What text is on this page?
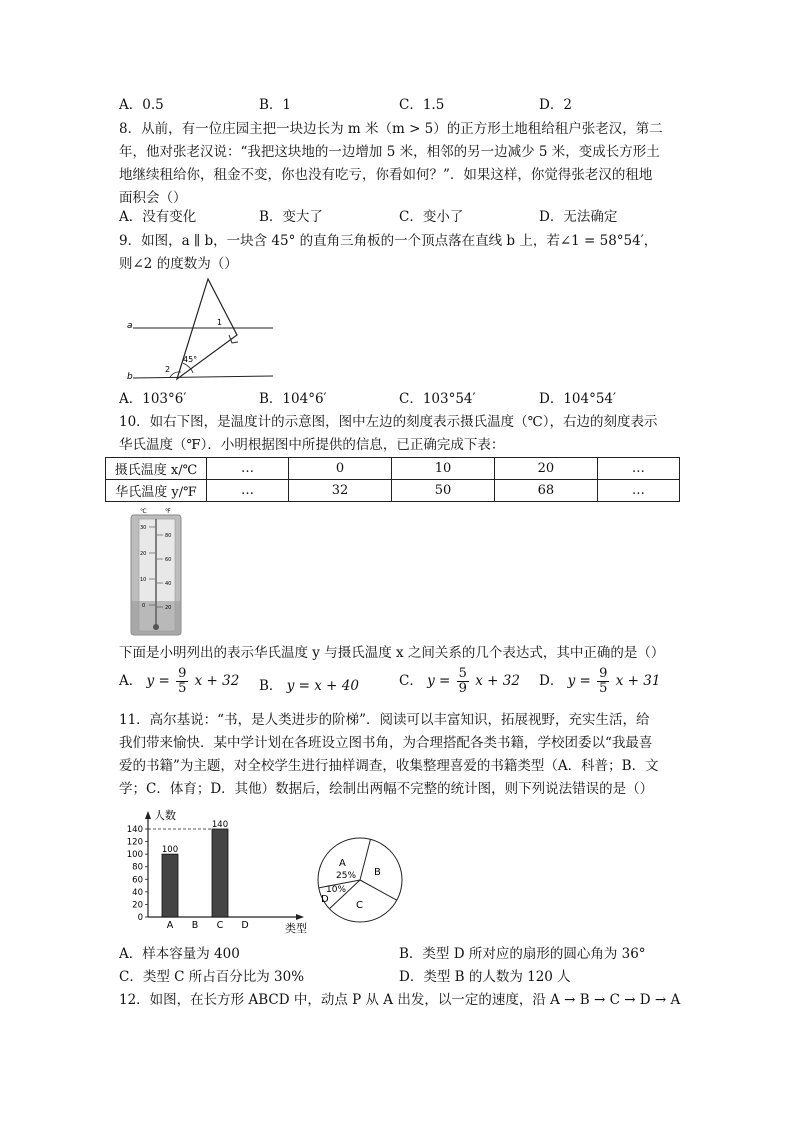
A．0.5	B．1	C．1.5	D．2
8．从前，有一位庄园主把一块边长为 m 米（m > 5）的正方形土地租给租户张老汉，第二
年，他对张老汉说：“我把这块地的一边增加 5 米，相邻的另一边减少 5 米，变成长方形土
地继续租给你，租金不变，你也没有吃亏，你看如何？”．如果这样，你觉得张老汉的租地
面积会（）
A．没有变化	B．变大了	C．变小了	D．无法确定
9．如图，a ∥ b，一块含 45° 的直角三角板的一个顶点落在直线 b 上，若∠1 = 58°54′，
则∠2 的度数为（）
a
b
1
2
45°
A．103°6′	B．104°6′	C．103°54′	D．104°54′
10．如右下图，是温度计的示意图，图中左边的刻度表示摄氏温度（℃），右边的刻度表示
华氏温度（℉）．小明根据图中所提供的信息，已正确完成下表：
摄氏温度 x/℃	…	0	10	20	…
华氏温度 y/℉	…	32	50	68	…
℃	℉
30
20
10
0
80
60
40
20
下面是小明列出的表示华氏温度 y 与摄氏温度 x 之间关系的几个表达式，其中正确的是（）
A． $y = \frac{9}{5}$ x + 32 B． y = x + 40	C． $y = \frac{5}{9}$ x + 32 D． $y = \frac{9}{5}$ x + 31
11．高尔基说：“书，是人类进步的阶梯”．阅读可以丰富知识，拓展视野，充实生活，给
我们带来愉快．某中学计划在各班设立图书角，为合理搭配各类书籍，学校团委以“我最喜
爱的书籍”为主题，对全校学生进行抽样调查，收集整理喜爱的书籍类型（A．科普；B．文
学；C．体育；D．其他）数据后，绘制出两幅不完整的统计图，则下列说法错误的是（）
人数
类型
0
20
40
60
80
100
120
140
A
100
B C
140
D
A
25% B
C
10%
D
A．样本容量为 400	B．类型 D 所对应的扇形的圆心角为 36°
C．类型 C 所占百分比为 30%	D．类型 B 的人数为 120 人
12．如图，在长方形 ABCD 中，动点 P 从 A 出发，以一定的速度，沿 A → B → C → D → A
